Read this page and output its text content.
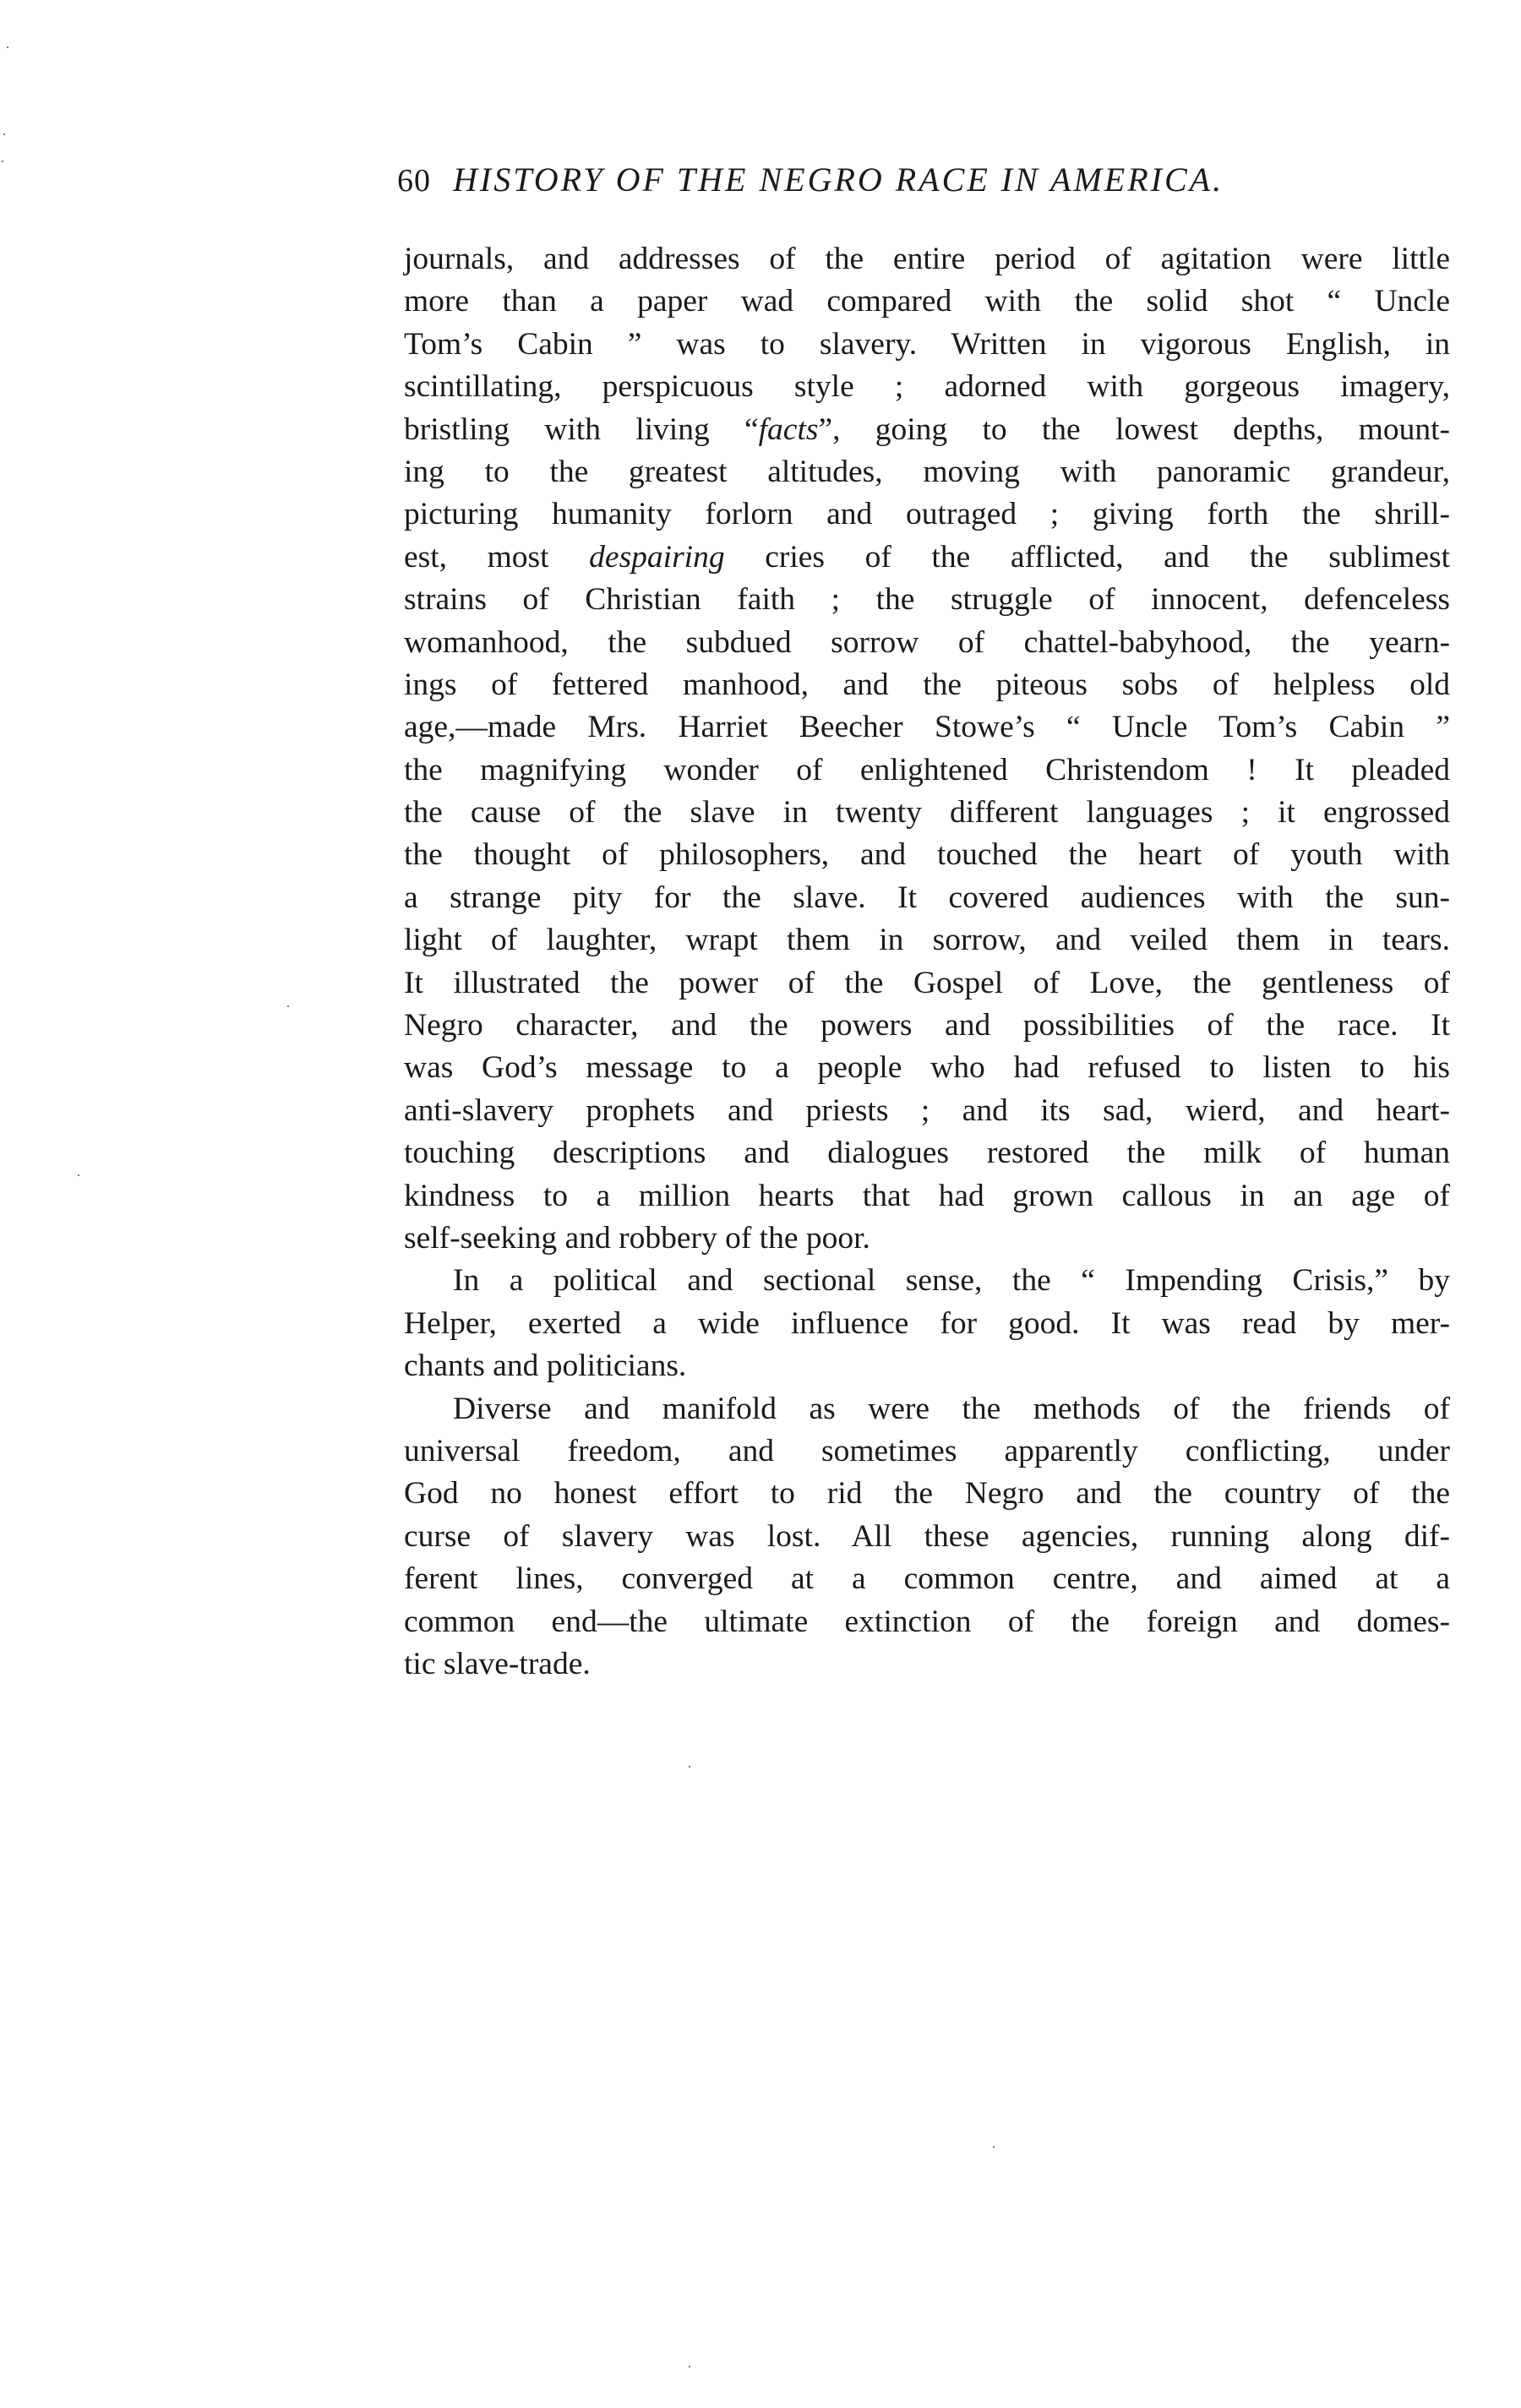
60 HISTORY OF THE NEGRO RACE IN AMERICA.
journals, and addresses of the entire period of agitation were little
more than a paper wad compared with the solid shot “ Uncle
Tom’s Cabin ” was to slavery. Written in vigorous English, in
scintillating, perspicuous style ; adorned with gorgeous imagery,
bristling with living “facts”, going to the lowest depths, mount-
ing to the greatest altitudes, moving with panoramic grandeur,
picturing humanity forlorn and outraged ; giving forth the shrill-
est, most despairing cries of the afflicted, and the sublimest
strains of Christian faith ; the struggle of innocent, defenceless
womanhood, the subdued sorrow of chattel-babyhood, the yearn-
ings of fettered manhood, and the piteous sobs of helpless old
age,—made Mrs. Harriet Beecher Stowe’s “ Uncle Tom’s Cabin ”
the magnifying wonder of enlightened Christendom ! It pleaded
the cause of the slave in twenty different languages ; it engrossed
the thought of philosophers, and touched the heart of youth with
a strange pity for the slave. It covered audiences with the sun-
light of laughter, wrapt them in sorrow, and veiled them in tears.
It illustrated the power of the Gospel of Love, the gentleness of
Negro character, and the powers and possibilities of the race. It
was God’s message to a people who had refused to listen to his
anti-slavery prophets and priests ; and its sad, wierd, and heart-
touching descriptions and dialogues restored the milk of human
kindness to a million hearts that had grown callous in an age of
self-seeking and robbery of the poor.
In a political and sectional sense, the “ Impending Crisis,” by
Helper, exerted a wide influence for good. It was read by mer-
chants and politicians.
Diverse and manifold as were the methods of the friends of
universal freedom, and sometimes apparently conflicting, under
God no honest effort to rid the Negro and the country of the
curse of slavery was lost. All these agencies, running along dif-
ferent lines, converged at a common centre, and aimed at a
common end—the ultimate extinction of the foreign and domes-
tic slave-trade.
